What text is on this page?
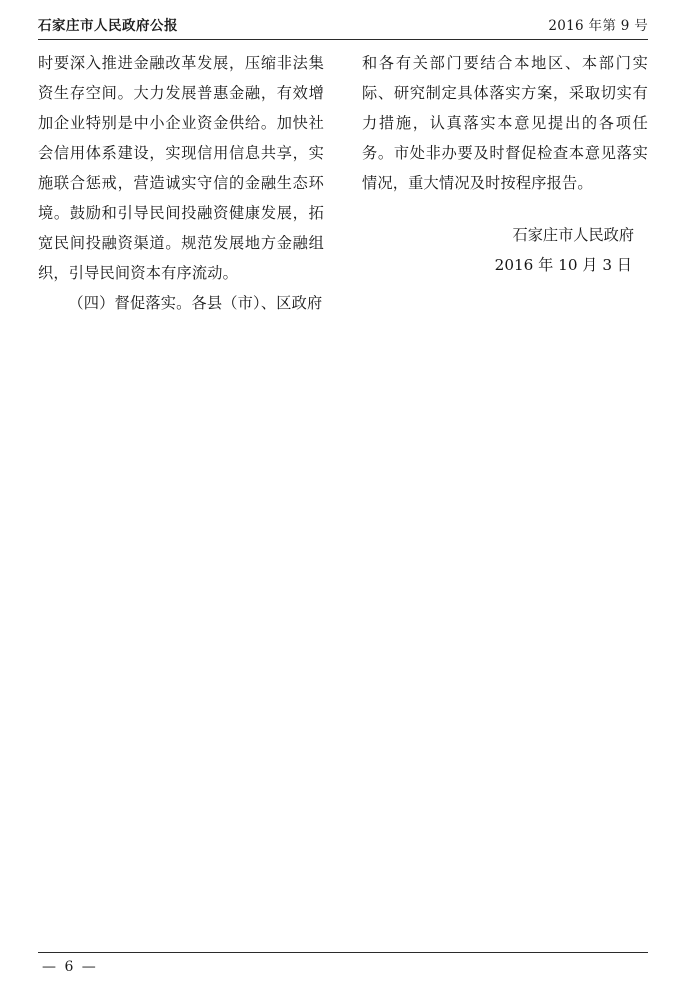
石家庄市人民政府公报	2016 年第 9 号

时要深入推进金融改革发展，压缩非法集资生存空间。大力发展普惠金融，有效增加企业特别是中小企业资金供给。加快社会信用体系建设，实现信用信息共享，实施联合惩戒，营造诚实守信的金融生态环境。鼓励和引导民间投融资健康发展，拓宽民间投融资渠道。规范发展地方金融组织，引导民间资本有序流动。

（四）督促落实。各县（市）、区政府

和各有关部门要结合本地区、本部门实际、研究制定具体落实方案，采取切实有力措施，认真落实本意见提出的各项任务。市处非办要及时督促检查本意见落实情况，重大情况及时按程序报告。

石家庄市人民政府
2016 年 10 月 3 日
— 6 —
